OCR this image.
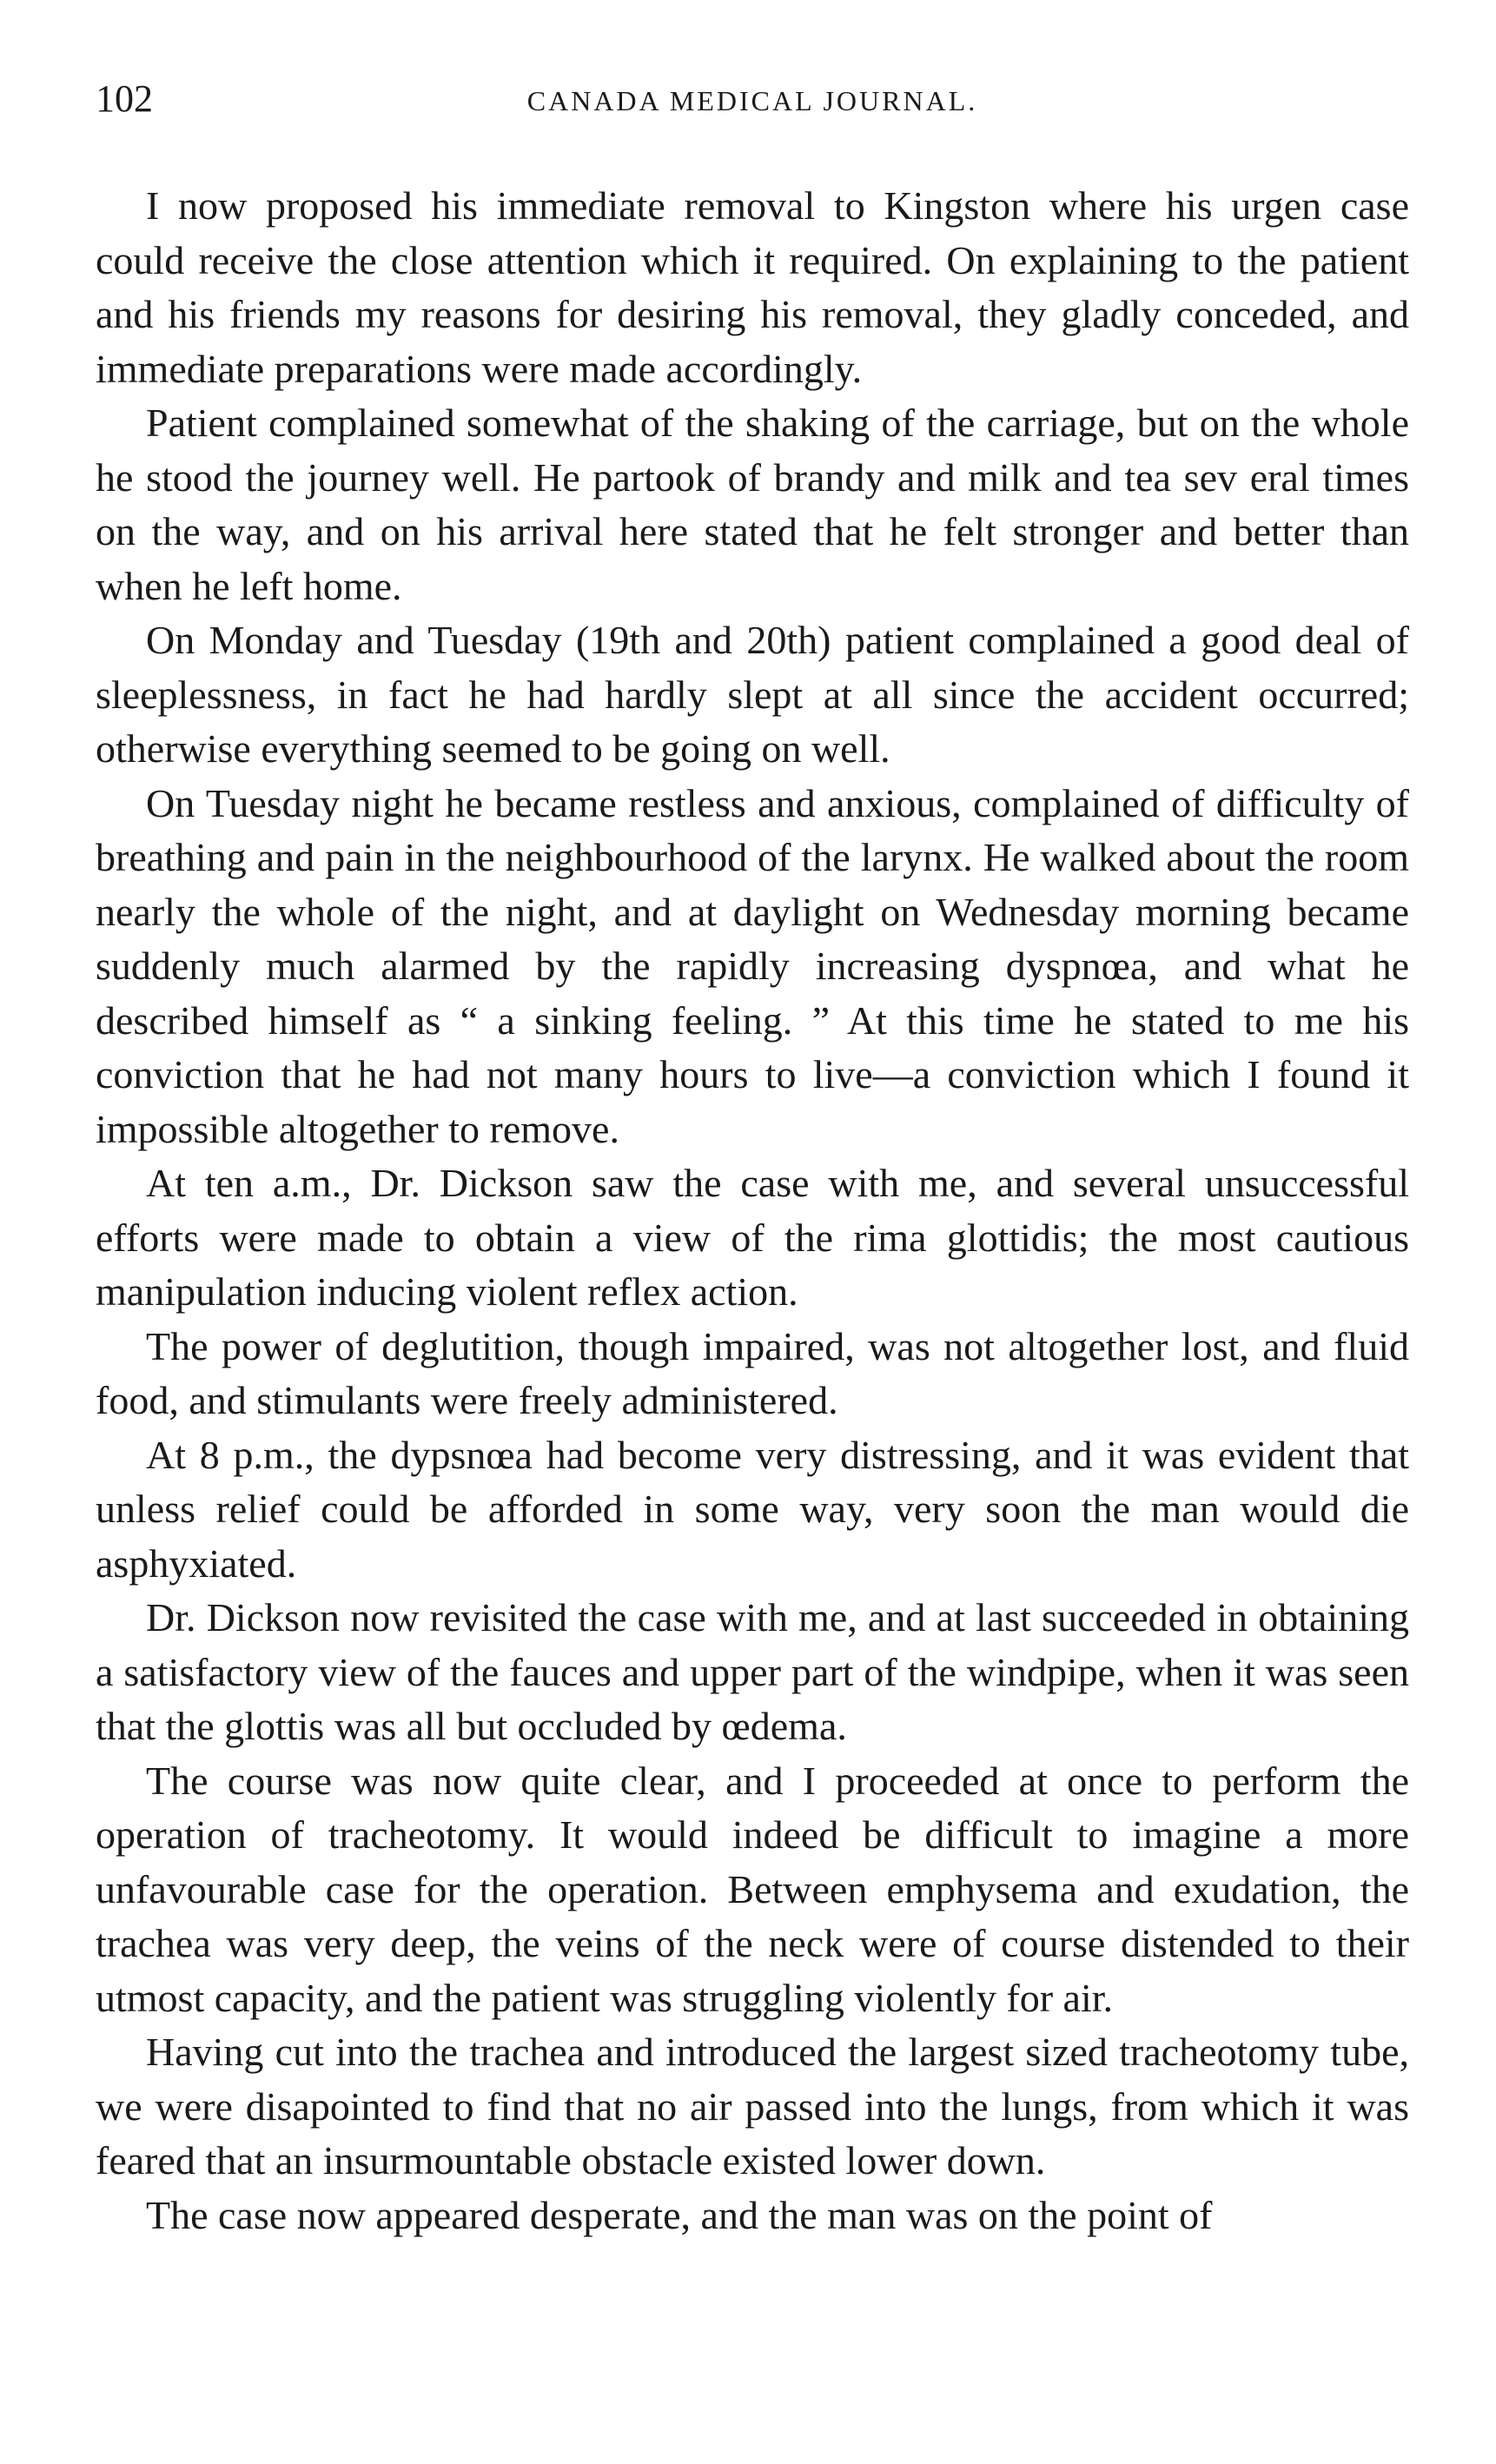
102	CANADA MEDICAL JOURNAL.

I now proposed his immediate removal to Kingston where his urgen case could receive the close attention which it required. On explaining to the patient and his friends my reasons for desiring his removal, they gladly conceded, and immediate preparations were made accordingly.

Patient complained somewhat of the shaking of the carriage, but on the whole he stood the journey well. He partook of brandy and milk and tea sev eral times on the way, and on his arrival here stated that he felt stronger and better than when he left home.

On Monday and Tuesday (19th and 20th) patient complained a good deal of sleeplessness, in fact he had hardly slept at all since the accident occurred; otherwise everything seemed to be going on well.

On Tuesday night he became restless and anxious, complained of difficulty of breathing and pain in the neighbourhood of the larynx. He walked about the room nearly the whole of the night, and at daylight on Wednesday morning became suddenly much alarmed by the rapidly increasing dyspnœa, and what he described himself as “ a sinking feeling. ” At this time he stated to me his conviction that he had not many hours to live—a conviction which I found it impossible altogether to remove.

At ten a.m., Dr. Dickson saw the case with me, and several unsuccessful efforts were made to obtain a view of the rima glottidis; the most cautious manipulation inducing violent reflex action.

The power of deglutition, though impaired, was not altogether lost, and fluid food, and stimulants were freely administered.

At 8 p.m., the dypsnœa had become very distressing, and it was evident that unless relief could be afforded in some way, very soon the man would die asphyxiated.

Dr. Dickson now revisited the case with me, and at last succeeded in obtaining a satisfactory view of the fauces and upper part of the windpipe, when it was seen that the glottis was all but occluded by œdema.

The course was now quite clear, and I proceeded at once to perform the operation of tracheotomy. It would indeed be difficult to imagine a more unfavourable case for the operation. Between emphysema and exudation, the trachea was very deep, the veins of the neck were of course distended to their utmost capacity, and the patient was struggling violently for air.

Having cut into the trachea and introduced the largest sized tracheotomy tube, we were disapointed to find that no air passed into the lungs, from which it was feared that an insurmountable obstacle existed lower down.

The case now appeared desperate, and the man was on the point of
